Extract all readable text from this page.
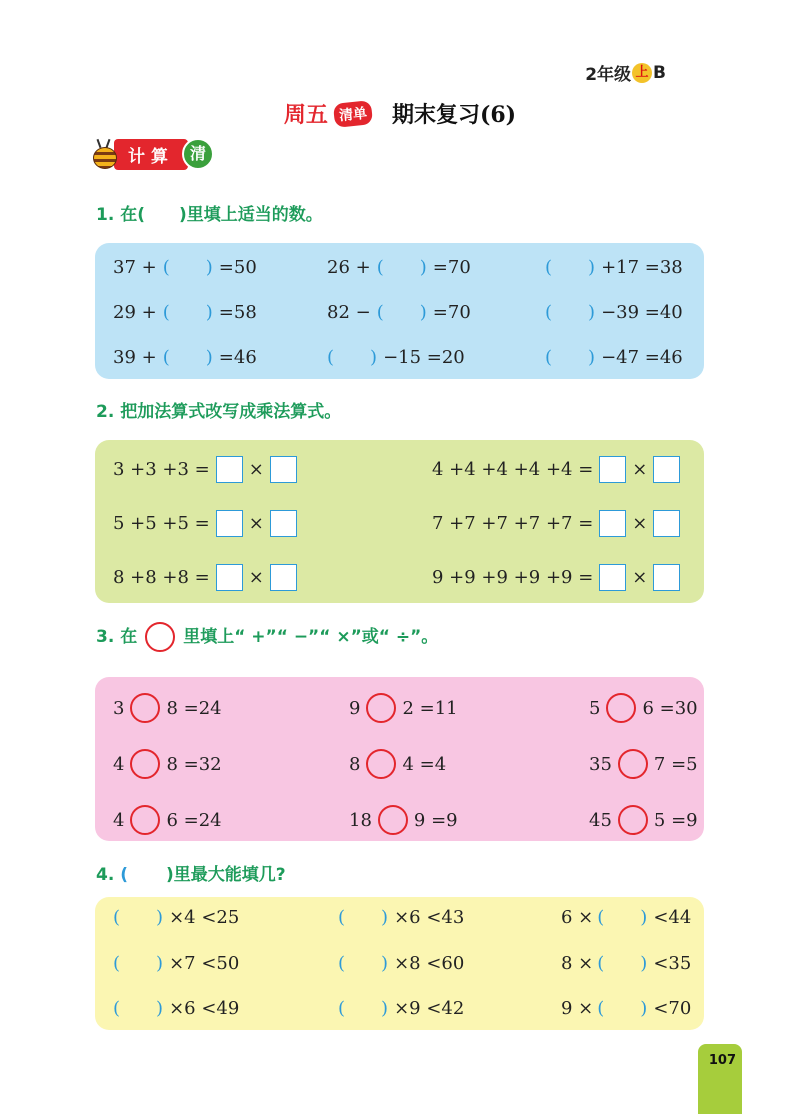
2年级 上 B
周五 清单 期末复习(6)
计算 清
1. 在( )里填上适当的数。
37 + ( ) =50	26 + ( ) =70	( ) +17 =38
29 + ( ) =58	82 − ( ) =70	( ) −39 =40
39 + ( ) =46	( ) −15 =20	( ) −47 =46
2. 把加法算式改写成乘法算式。
3 +3 +3 = ×	4 +4 +4 +4 +4 = ×
5 +5 +5 = ×	7 +7 +7 +7 +7 = ×
8 +8 +8 = ×	9 +9 +9 +9 +9 = ×
3. 在	里填上“ +”“ −”“ ×”或“ ÷”。
3 8 =24	9 2 =11	5 6 =30
4 8 =32	8 4 =4	35 7 =5
4 6 =24	18 9 =9	45 5 =9
4. ( )里最大能填几?
( ) ×4 <25	( ) ×6 <43	6 × ( ) <44
( ) ×7 <50	( ) ×8 <60	8 × ( ) <35
( ) ×6 <49	( ) ×9 <42	9 × ( ) <70
107
